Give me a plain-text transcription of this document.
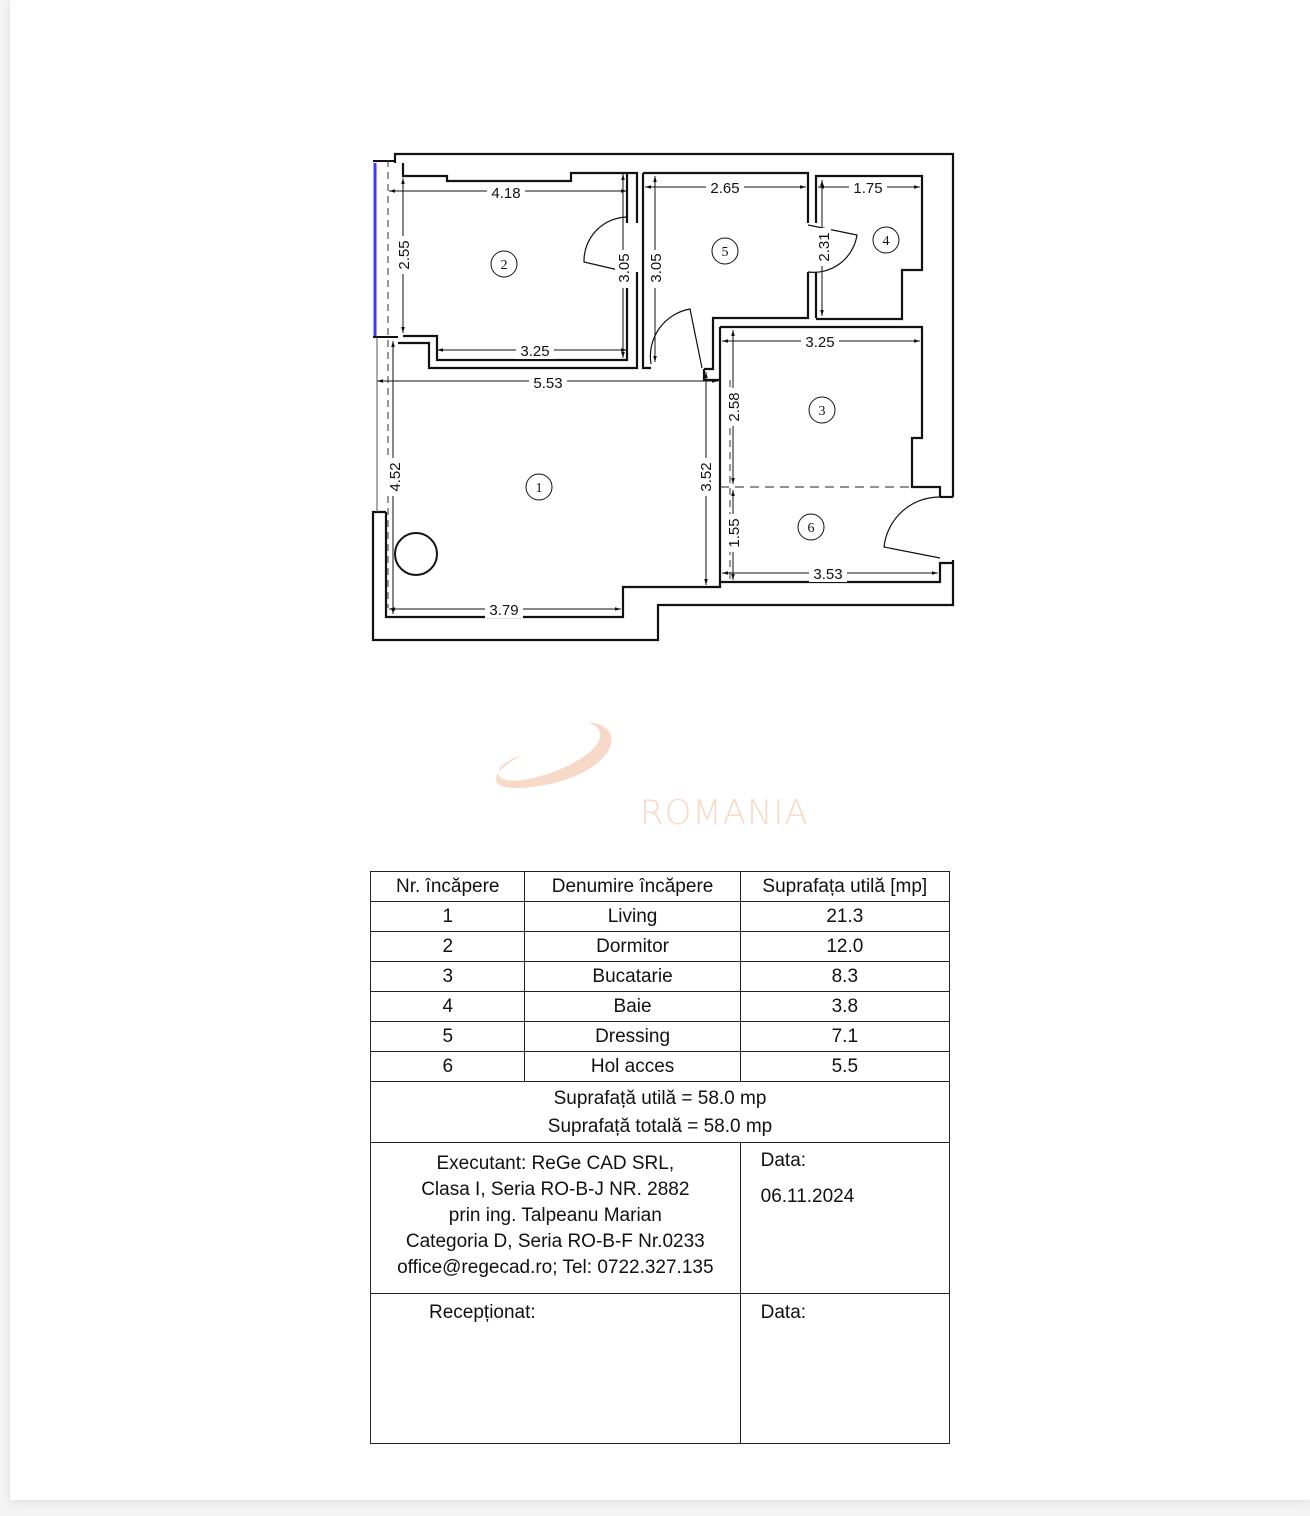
4.18
2.55
3.25
3.05 3.05
2.65
2.31
1.75
5.53
4.52
3.79
3.52
3.25
2.58
1.55
3.53
1
2
3
4
5
6
ROMANIA
Nr. încăpere	Denumire încăpere	Suprafața utilă [mp]
1	Living	21.3
2	Dormitor	12.0
3	Bucatarie	8.3
4	Baie	3.8
5	Dressing	7.1
6	Hol acces	5.5

Suprafață utilă = 58.0 mp
Suprafață totală = 58.0 mp		

Executant: ReGe CAD SRL,
Clasa I, Seria RO-B-J NR. 2882
prin ing. Talpeanu Marian
Categoria D, Seria RO-B-F Nr.0233
office@regecad.ro; Tel: 0722.327.135

Data:
06.11.2024

Recepționat:		Data:
